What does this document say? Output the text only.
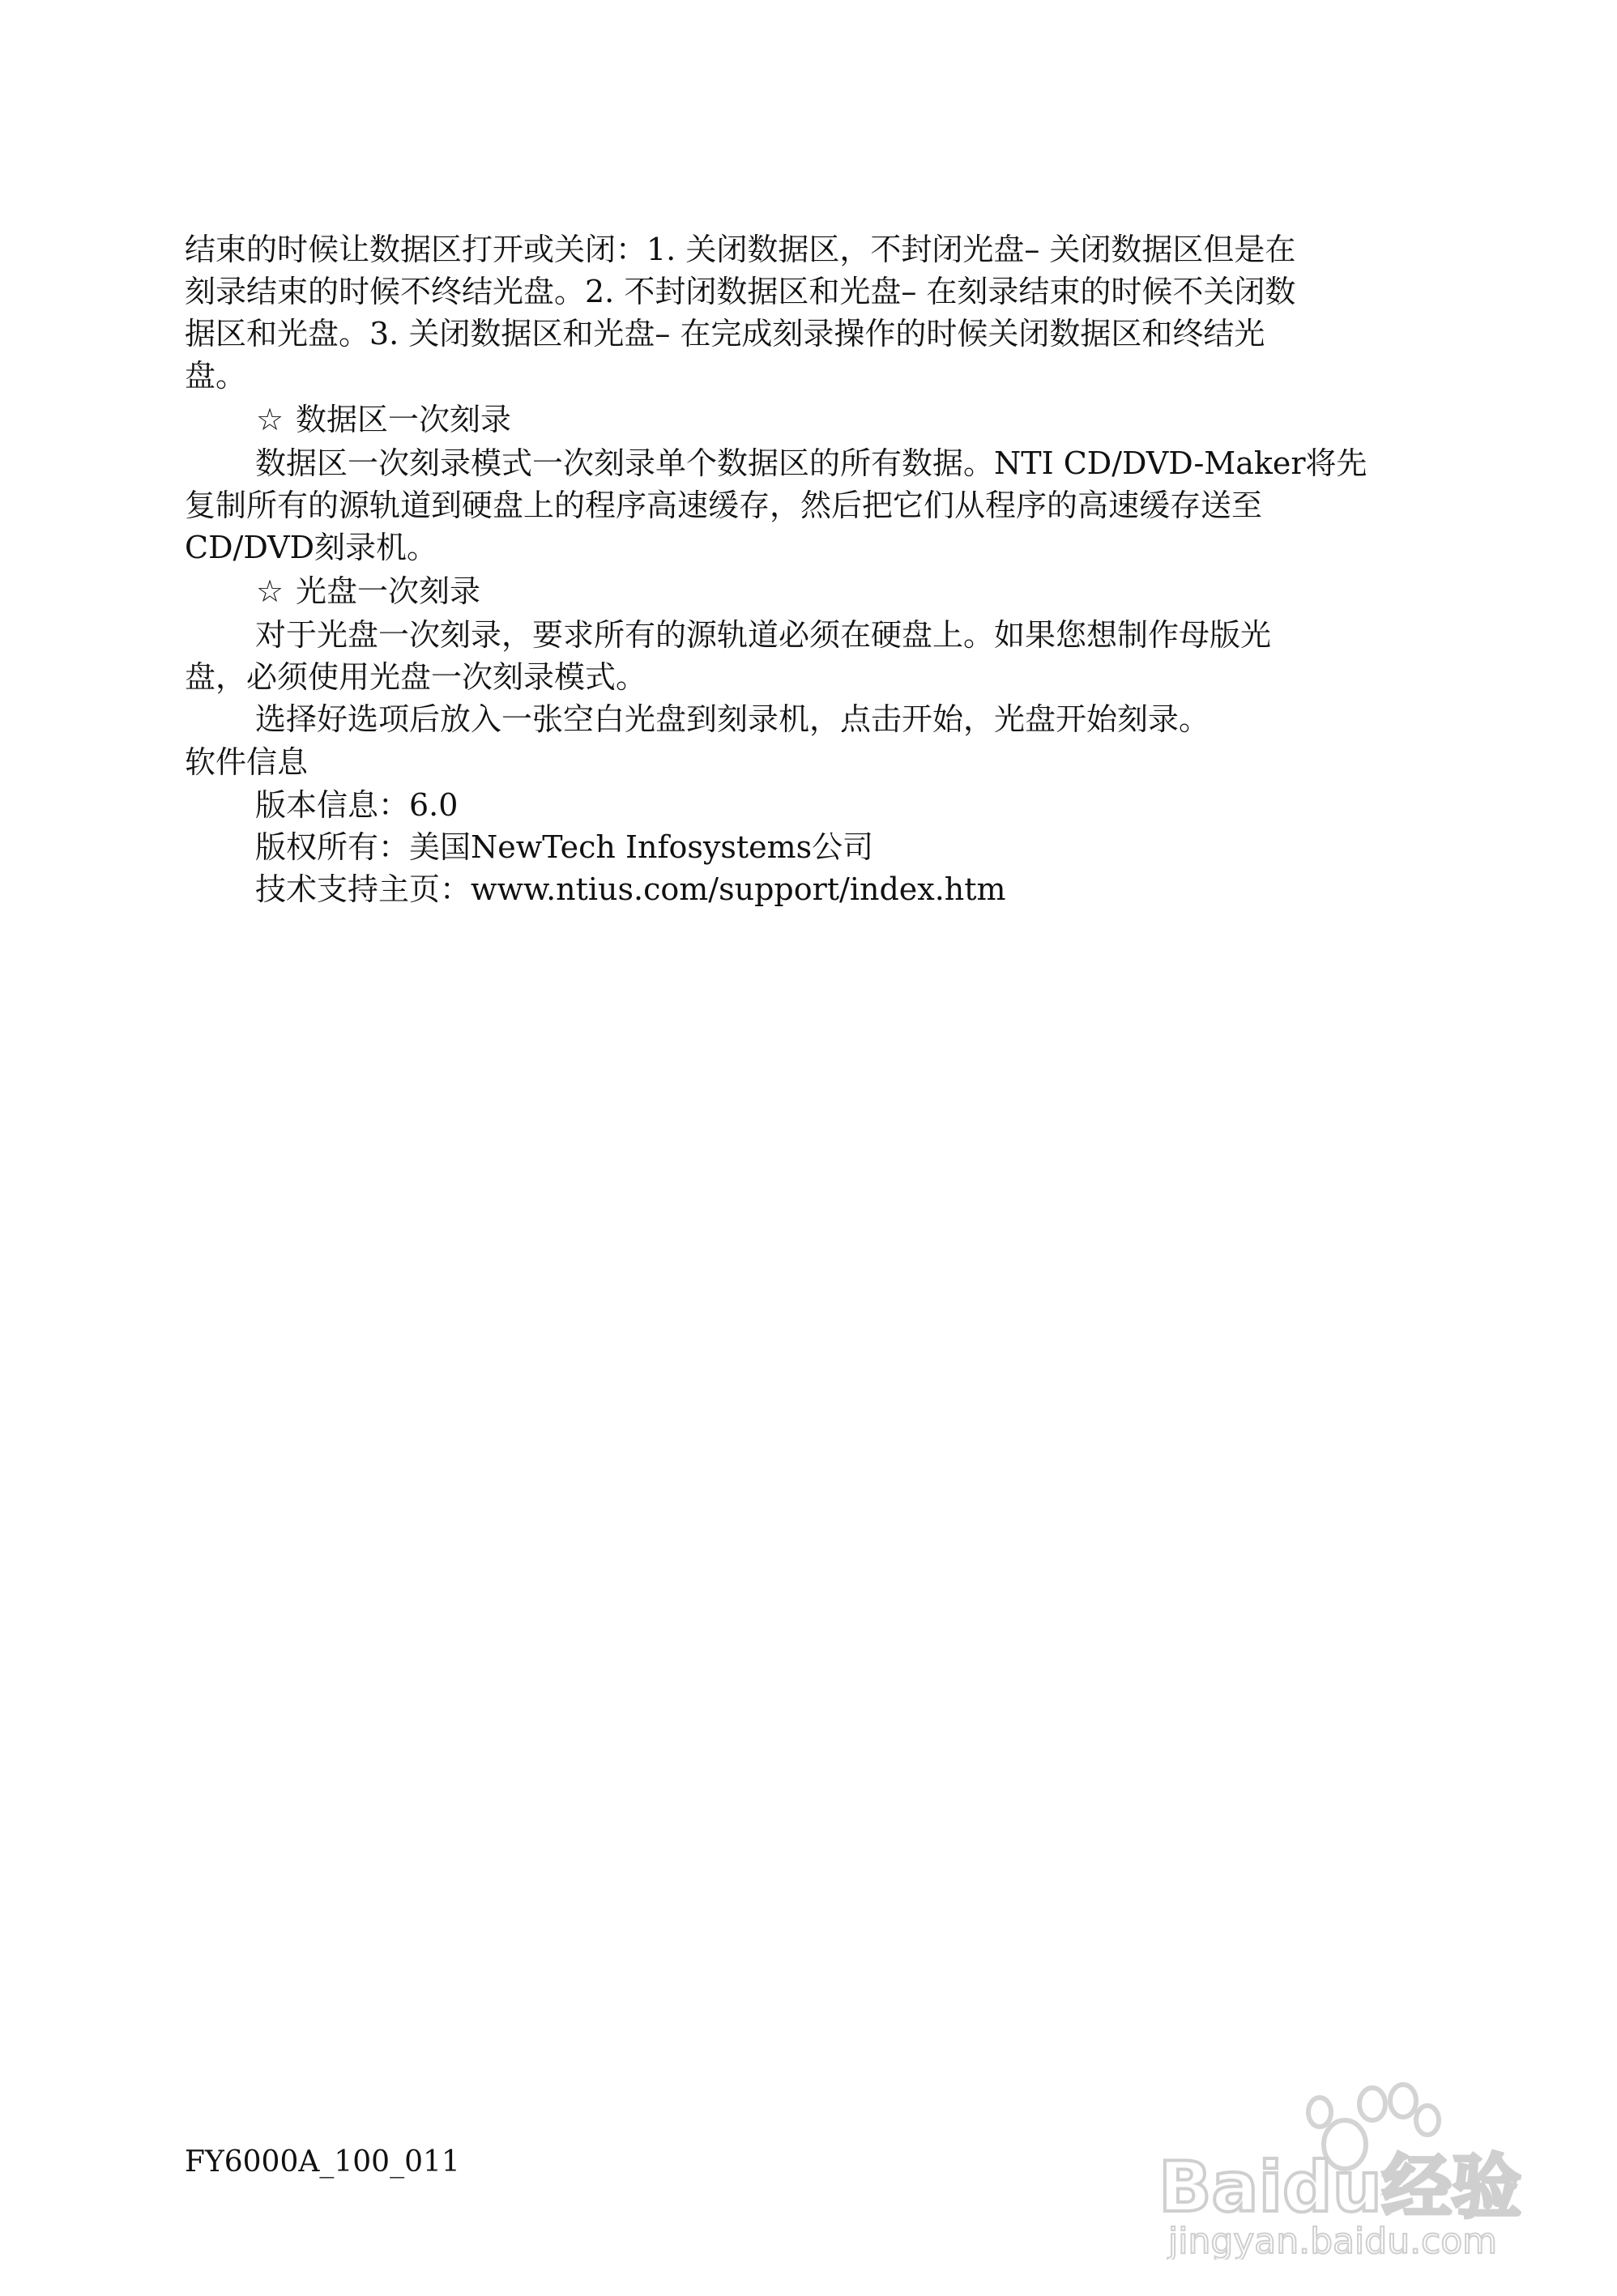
结束的时候让数据区打开或关闭：1. 关闭数据区，不封闭光盘– 关闭数据区但是在

刻录结束的时候不终结光盘。2. 不封闭数据区和光盘– 在刻录结束的时候不关闭数

据区和光盘。3. 关闭数据区和光盘– 在完成刻录操作的时候关闭数据区和终结光

盘。

☆ 数据区一次刻录

数据区一次刻录模式一次刻录单个数据区的所有数据。NTI CD/DVD-Maker将先

复制所有的源轨道到硬盘上的程序高速缓存，然后把它们从程序的高速缓存送至

CD/DVD刻录机。

☆ 光盘一次刻录

对于光盘一次刻录，要求所有的源轨道必须在硬盘上。如果您想制作母版光

盘，必须使用光盘一次刻录模式。

选择好选项后放入一张空白光盘到刻录机，点击开始，光盘开始刻录。

软件信息

版本信息：6.0

版权所有：美国NewTech Infosystems公司

技术支持主页：www.ntius.com/support/index.htm

FY6000A_100_011	Baidu经验
jingyan.baidu.com
